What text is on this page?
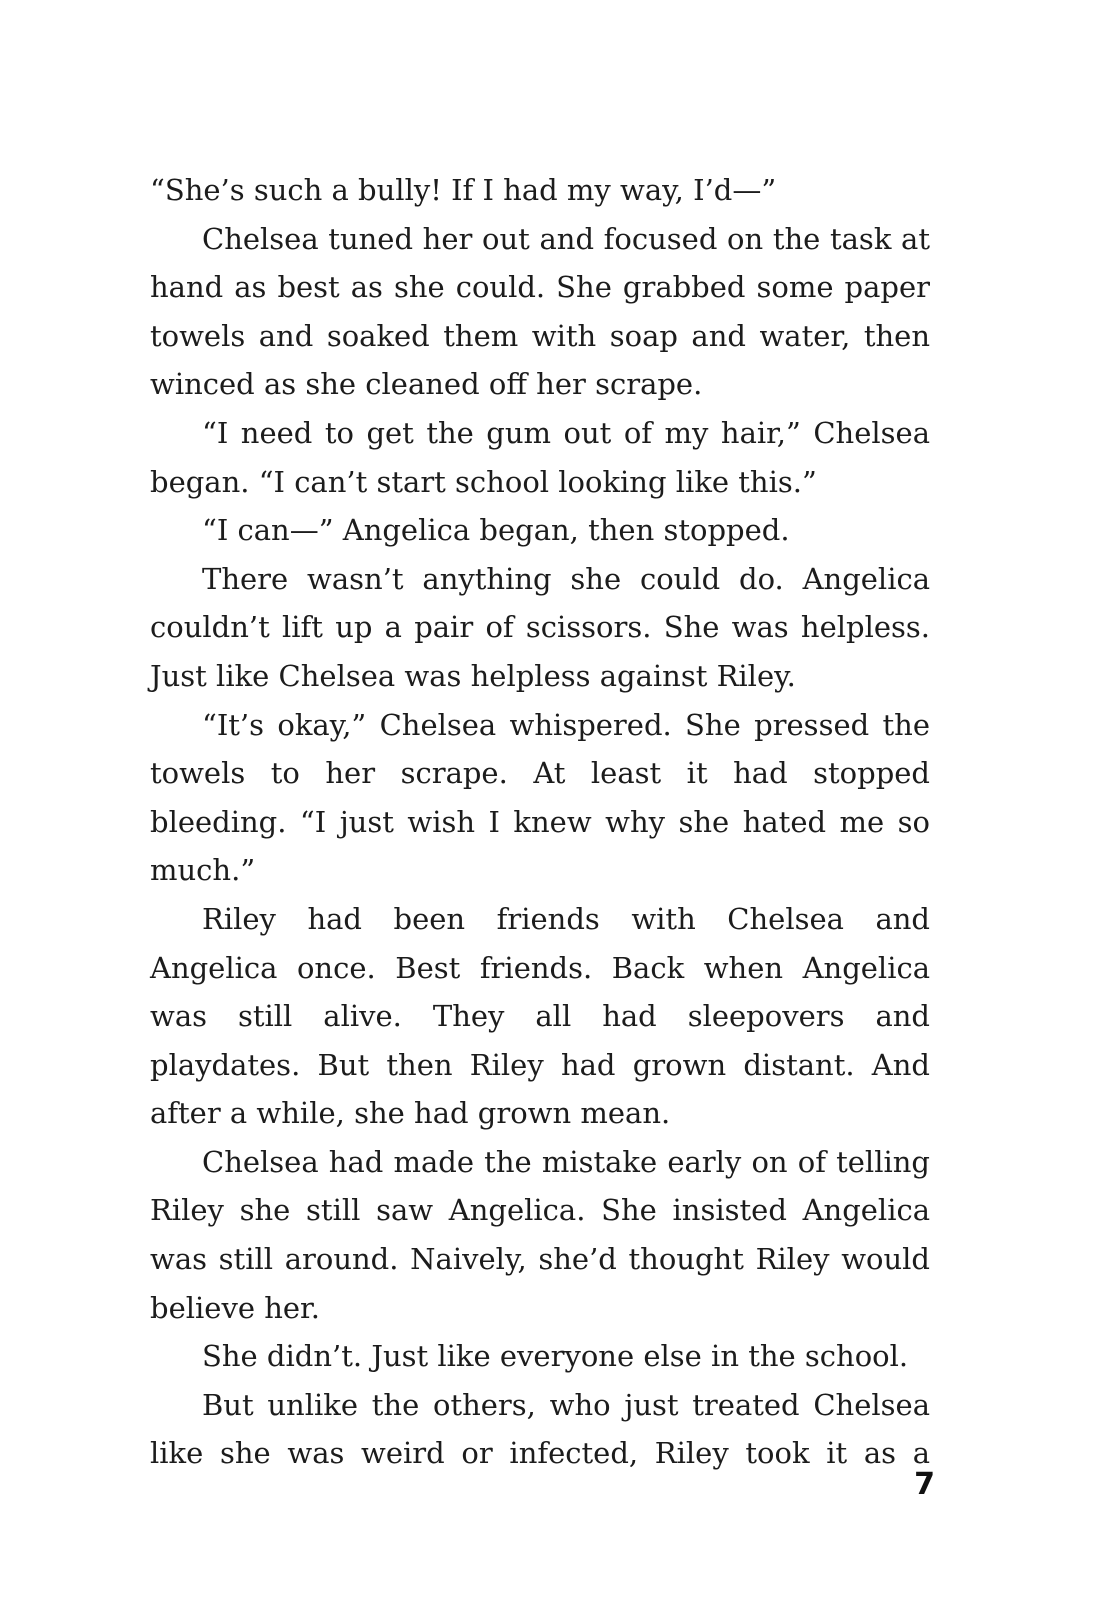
“She’s such a bully! If I had my way, I’d—”

Chelsea tuned her out and focused on the task at hand as best as she could. She grabbed some paper towels and soaked them with soap and water, then winced as she cleaned off her scrape.

“I need to get the gum out of my hair,” Chelsea began. “I can’t start school looking like this.”

“I can—” Angelica began, then stopped.

There wasn’t anything she could do. Angelica couldn’t lift up a pair of scissors. She was helpless. Just like Chelsea was helpless against Riley.

“It’s okay,” Chelsea whispered. She pressed the towels to her scrape. At least it had stopped bleeding. “I just wish I knew why she hated me so much.”

Riley had been friends with Chelsea and Angelica once. Best friends. Back when Angelica was still alive. They all had sleepovers and playdates. But then Riley had grown distant. And after a while, she had grown mean.

Chelsea had made the mistake early on of telling Riley she still saw Angelica. She insisted Angelica was still around. Naively, she’d thought Riley would believe her.

She didn’t. Just like everyone else in the school.

But unlike the others, who just treated Chelsea like she was weird or infected, Riley took it as a

7
